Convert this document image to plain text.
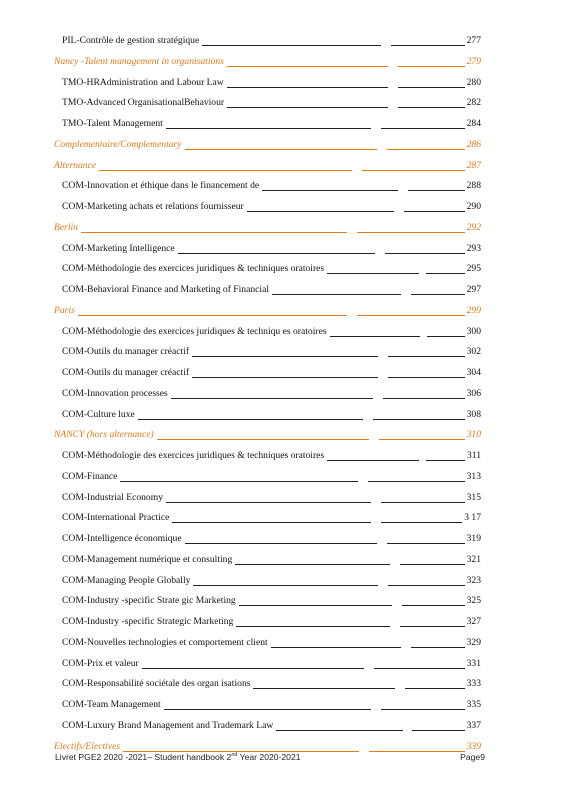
PIL-Contrôle de gestion stratégique	277
Nancy -Talent management in organisations	279
TMO-HRAdministration and Labour Law	280
TMO-Advanced OrganisationalBehaviour	282
TMO-Talent Management	284
Complementaire/Complementary	286
Alternance	287
COM-Innovation et éthique dans le financement de	288
COM-Marketing achats et relations fournisseur	290
Berlin	292
COM-Marketing Intelligence	293
COM-Méthodologie des exercices juridiques & techniques oratoires	295
COM-Behavioral Finance and Marketing of Financial	297
Paris	299
COM-Méthodologie des exercices juridiques & techniqu es oratoires	300
COM-Outils du manager créactif	302
COM-Outils du manager créactif	304
COM-Innovation processes	306
COM-Culture luxe	308
NANCY (hors alternance)	310
COM-Méthodologie des exercices juridiques & techniques oratoires	311
COM-Finance	313
COM-Industrial Economy	315
COM-International Practice	3 17
COM-Intelligence économique	319
COM-Management numérique et consulting	321
COM-Managing People Globally	323
COM-Industry -specific Strate gic Marketing	325
COM-Industry -specific Strategic Marketing	327
COM-Nouvelles technologies et comportement client	329
COM-Prix et valeur	331
COM-Responsabilité sociétale des organ isations	333
COM-Team Management	335
COM-Luxury Brand Management and Trademark Law	337
Electifs/Electives	339
Livret PGE2 2020 -2021– Student handbook 2nd Year 2020-2021	Page9
